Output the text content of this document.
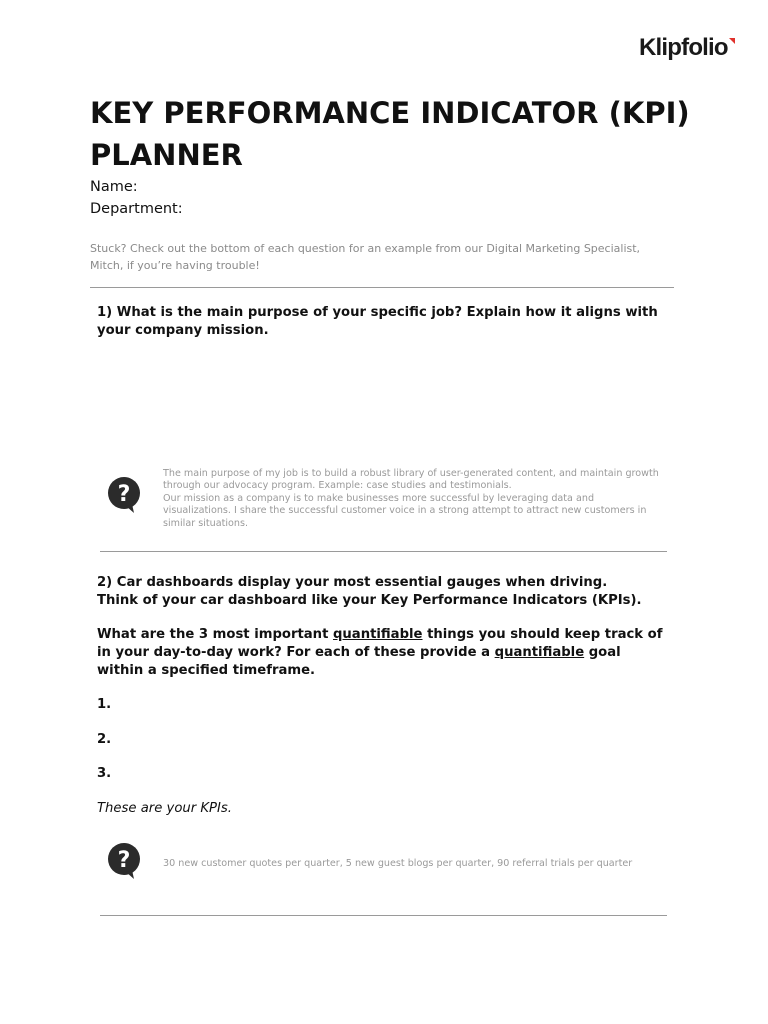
Klipfolio
KEY PERFORMANCE INDICATOR (KPI) PLANNER
Name:
Department:
Stuck? Check out the bottom of each question for an example from our Digital Marketing Specialist, Mitch, if you’re having trouble!

1) What is the main purpose of your specific job? Explain how it aligns with your company mission.

?

The main purpose of my job is to build a robust library of user-generated content, and maintain growth through our advocacy program. Example: case studies and testimonials.

Our mission as a company is to make businesses more successful by leveraging data and visualizations. I share the successful customer voice in a strong attempt to attract new customers in similar situations.

2) Car dashboards display your most essential gauges when driving.
Think of your car dashboard like your Key Performance Indicators (KPIs).
What are the 3 most important quantifiable things you should keep track of in your day-to-day work? For each of these provide a quantifiable goal within a specified timeframe.
1.
2.
3.
These are your KPIs.
?	30 new customer quotes per quarter, 5 new guest blogs per quarter, 90 referral trials per quarter
